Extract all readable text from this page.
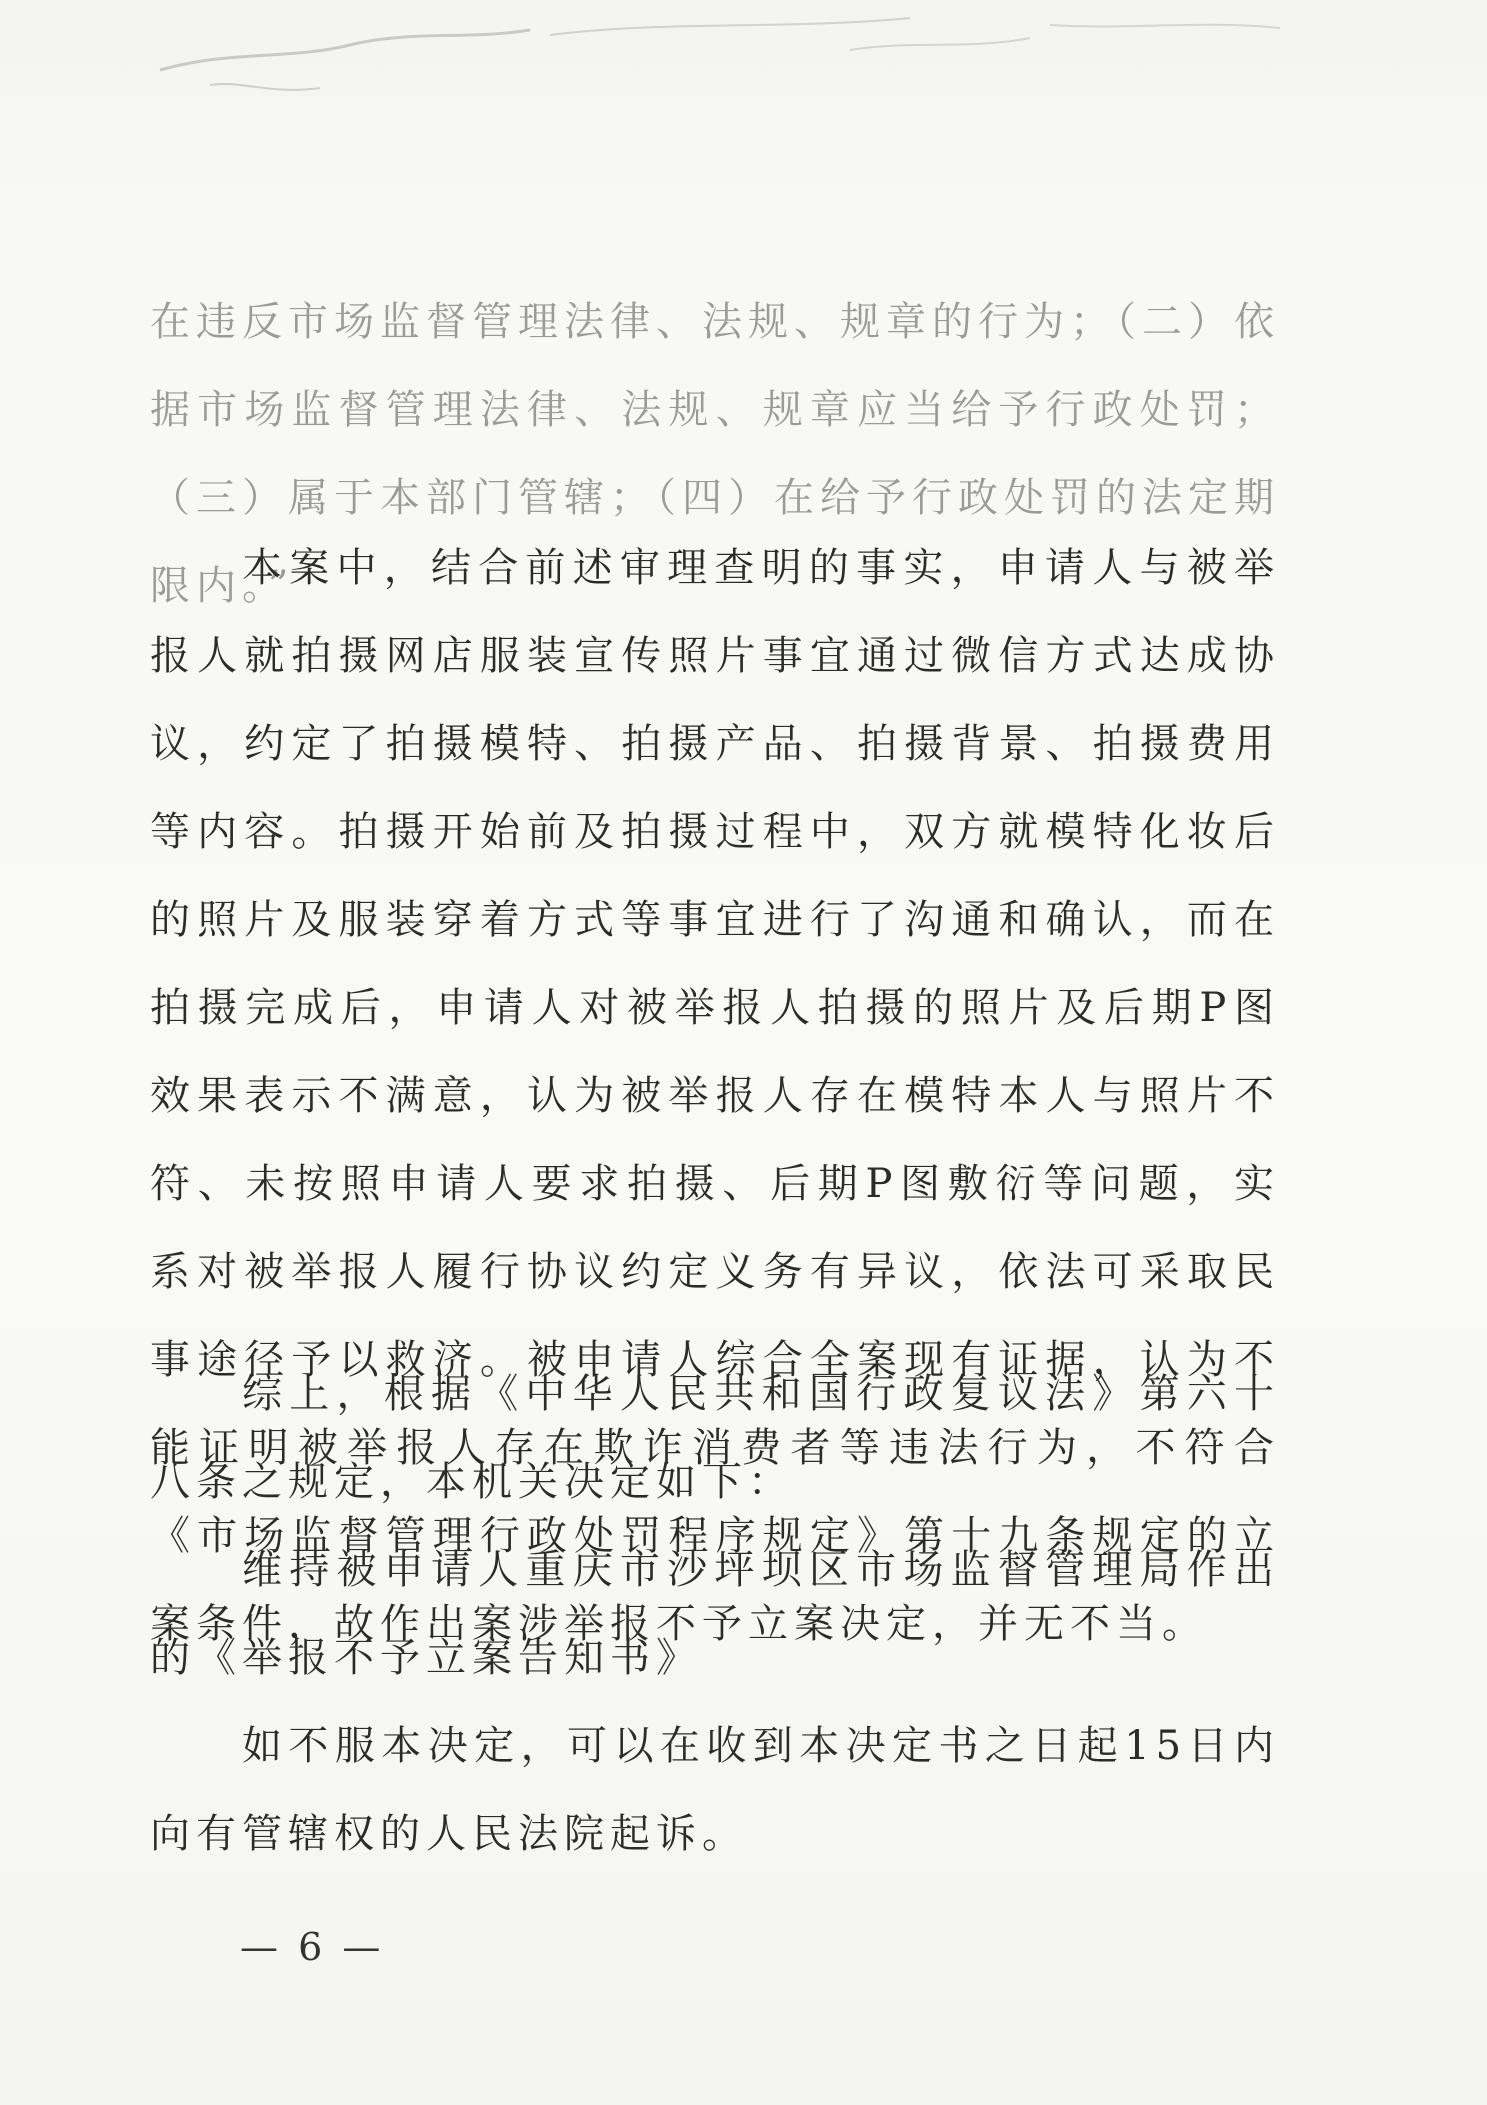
在违反市场监督管理法律、法规、规章的行为；（二）依据市场监督管理法律、法规、规章应当给予行政处罚；（三）属于本部门管辖；（四）在给予行政处罚的法定期限内。”

本案中，结合前述审理查明的事实，申请人与被举报人就拍摄网店服装宣传照片事宜通过微信方式达成协议，约定了拍摄模特、拍摄产品、拍摄背景、拍摄费用等内容。拍摄开始前及拍摄过程中，双方就模特化妆后的照片及服装穿着方式等事宜进行了沟通和确认，而在拍摄完成后，申请人对被举报人拍摄的照片及后期P图效果表示不满意，认为被举报人存在模特本人与照片不符、未按照申请人要求拍摄、后期P图敷衍等问题，实系对被举报人履行协议约定义务有异议，依法可采取民事途径予以救济。被申请人综合全案现有证据，认为不能证明被举报人存在欺诈消费者等违法行为，不符合《市场监督管理行政处罚程序规定》第十九条规定的立案条件，故作出案涉举报不予立案决定，并无不当。

综上，根据《中华人民共和国行政复议法》第六十八条之规定，本机关决定如下：

维持被申请人重庆市沙坪坝区市场监督管理局作出的《举报不予立案告知书》

如不服本决定，可以在收到本决定书之日起15日内向有管辖权的人民法院起诉。

— 6 —
